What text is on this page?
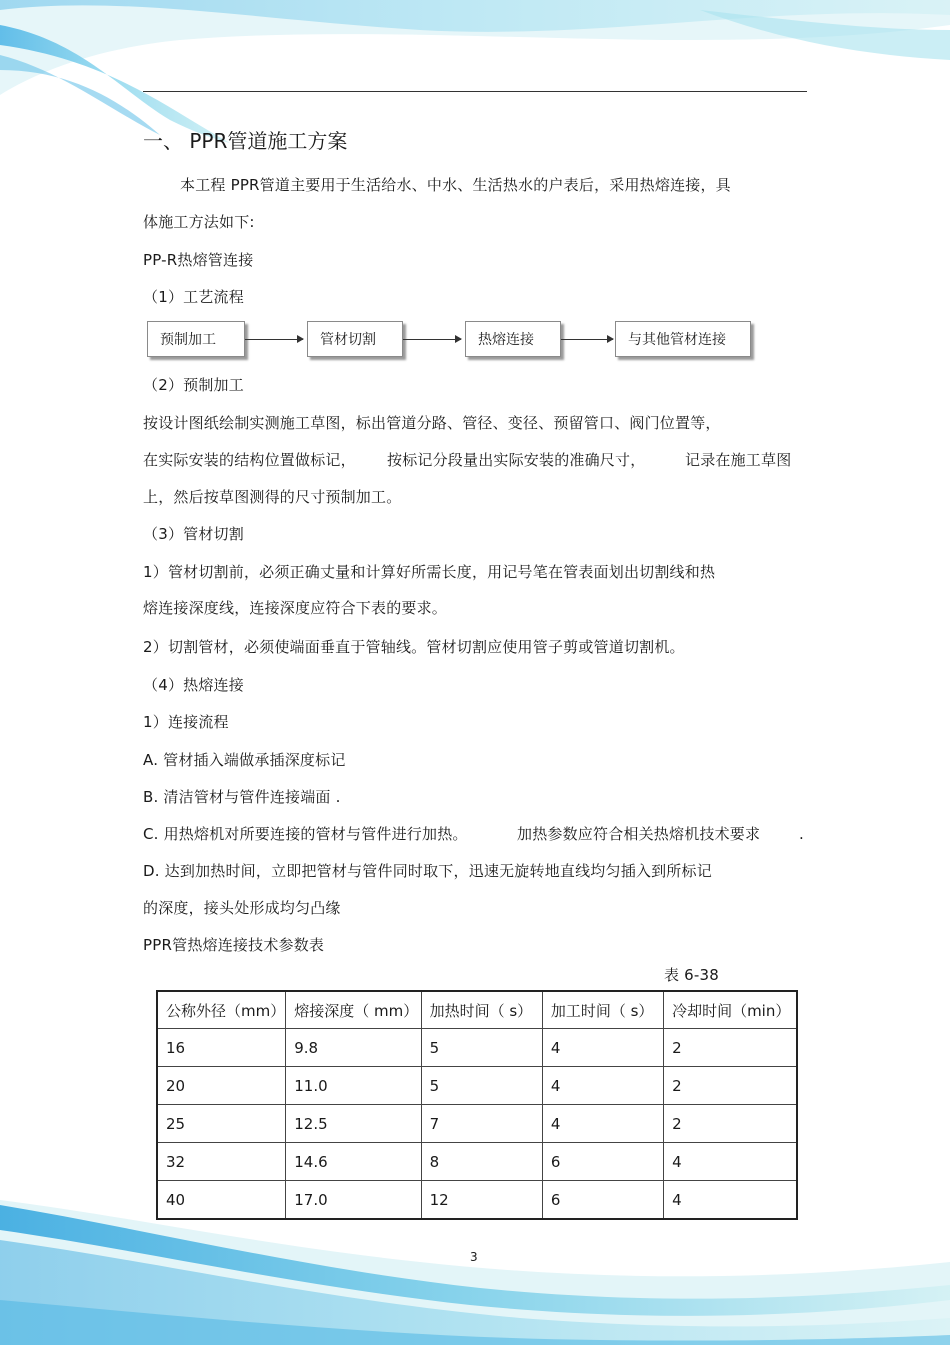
一、 PPR管道施工方案
本工程 PPR管道主要用于生活给水、中水、生活热水的户表后，采用热熔连接，具
体施工方法如下:
PP-R热熔管连接
（1）工艺流程
预制加工	管材切割	热熔连接	与其他管材连接
（2）预制加工
按设计图纸绘制实测施工草图，标出管道分路、管径、变径、预留管口、阀门位置等，
在实际安装的结构位置做标记， 按标记分段量出实际安装的准确尺寸，	记录在施工草图
上，然后按草图测得的尺寸预制加工。
（3）管材切割
1）管材切割前，必须正确丈量和计算好所需长度，用记号笔在管表面划出切割线和热
熔连接深度线，连接深度应符合下表的要求。
2）切割管材，必须使端面垂直于管轴线。管材切割应使用管子剪或管道切割机。
（4）热熔连接
1）连接流程
A. 管材插入端做承插深度标记
B. 清洁管材与管件连接端面 .
C. 用热熔机对所要连接的管材与管件进行加热。	加热参数应符合相关热熔机技术要求	.
D. 达到加热时间，立即把管材与管件同时取下，迅速无旋转地直线均匀插入到所标记
的深度，接头处形成均匀凸缘
PPR管热熔连接技术参数表
表 6-38
公称外径（mm）	熔接深度（ mm）	加热时间（ s）	加工时间（ s）	冷却时间（min）
16	9.8	5	4	2
20	11.0	5	4	2
25	12.5	7	4	2
32	14.6	8	6	4
40	17.0	12	6	4
3
